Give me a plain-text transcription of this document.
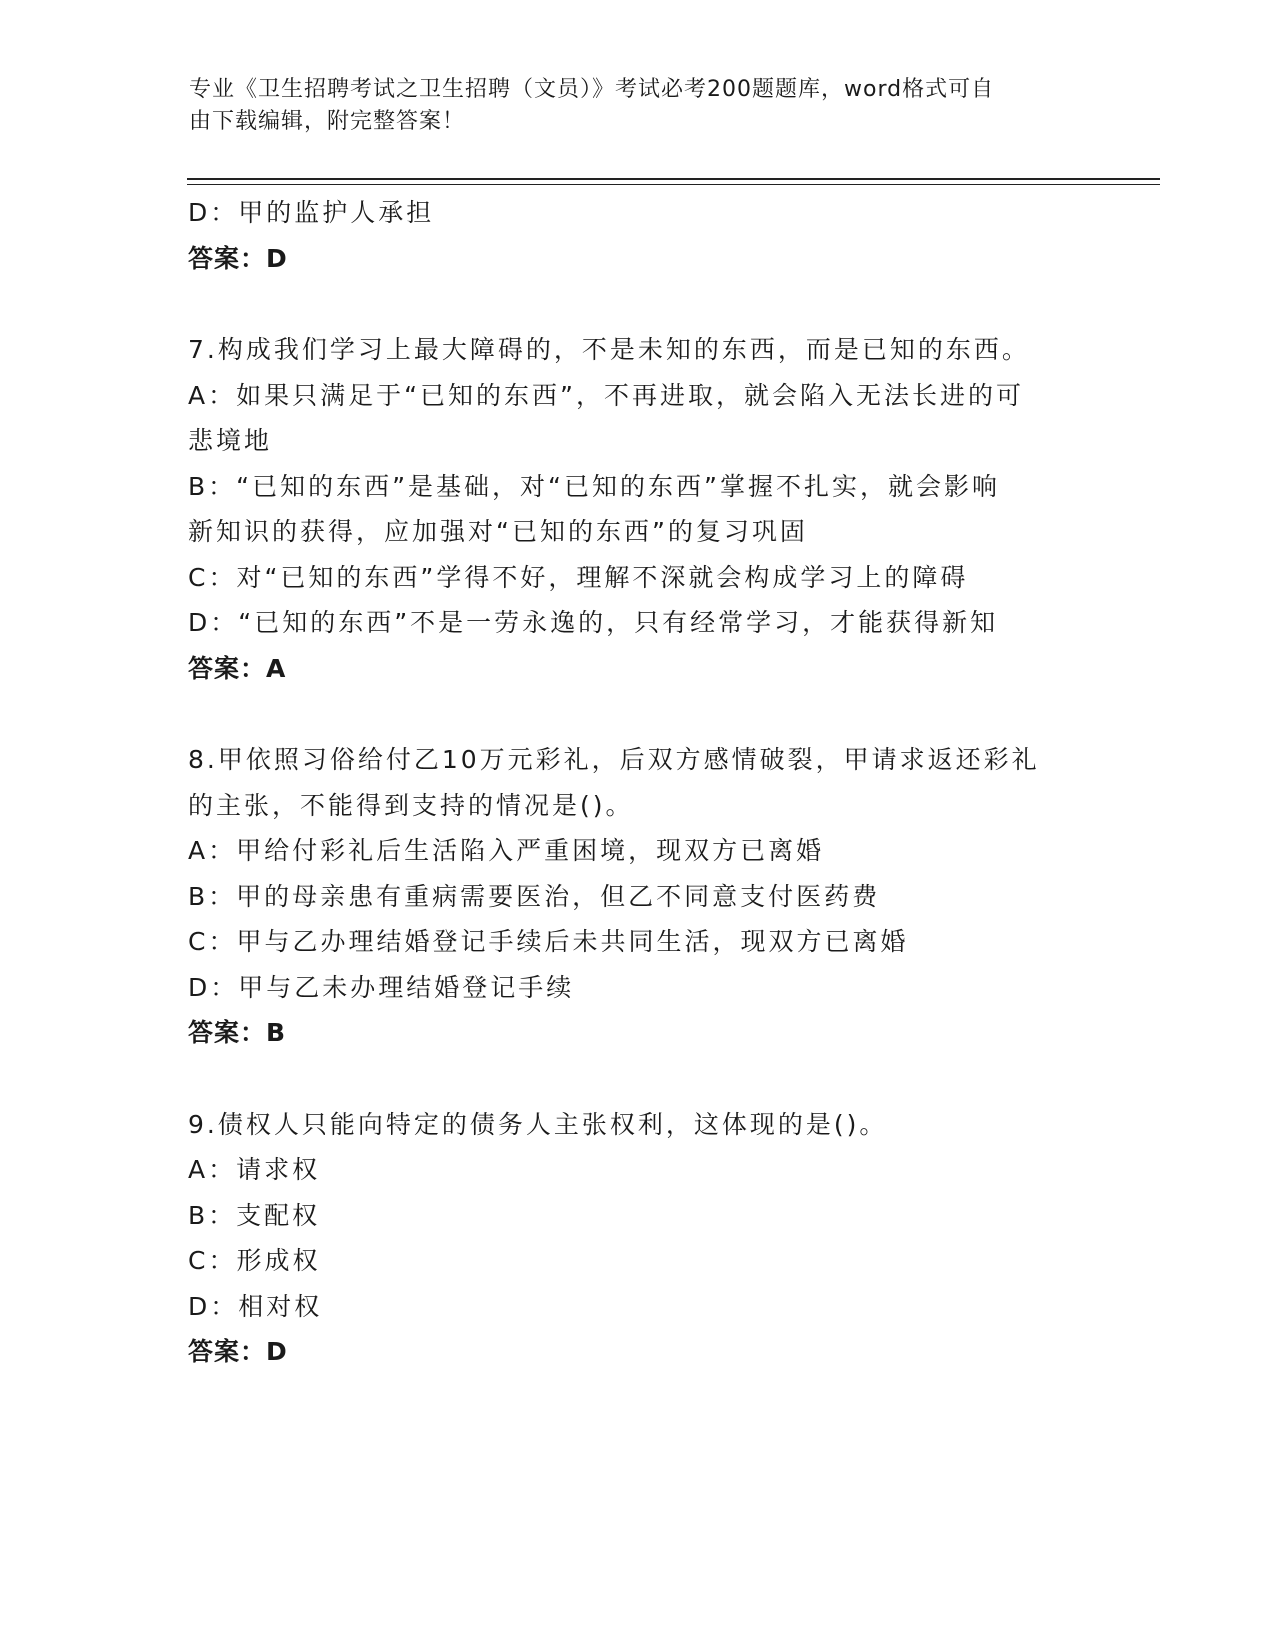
专业《卫生招聘考试之卫生招聘（文员）》考试必考200题题库，word格式可自
由下载编辑，附完整答案！
D：甲的监护人承担
答案：D
7.构成我们学习上最大障碍的，不是未知的东西，而是已知的东西。
A：如果只满足于“已知的东西”，不再进取，就会陷入无法长进的可
悲境地
B：“已知的东西”是基础，对“已知的东西”掌握不扎实，就会影响
新知识的获得，应加强对“已知的东西”的复习巩固
C：对“已知的东西”学得不好，理解不深就会构成学习上的障碍
D：“已知的东西”不是一劳永逸的，只有经常学习，才能获得新知
答案：A
8.甲依照习俗给付乙10万元彩礼，后双方感情破裂，甲请求返还彩礼
的主张，不能得到支持的情况是()。
A：甲给付彩礼后生活陷入严重困境，现双方已离婚
B：甲的母亲患有重病需要医治，但乙不同意支付医药费
C：甲与乙办理结婚登记手续后未共同生活，现双方已离婚
D：甲与乙未办理结婚登记手续
答案：B
9.债权人只能向特定的债务人主张权利，这体现的是()。
A：请求权
B：支配权
C：形成权
D：相对权
答案：D
